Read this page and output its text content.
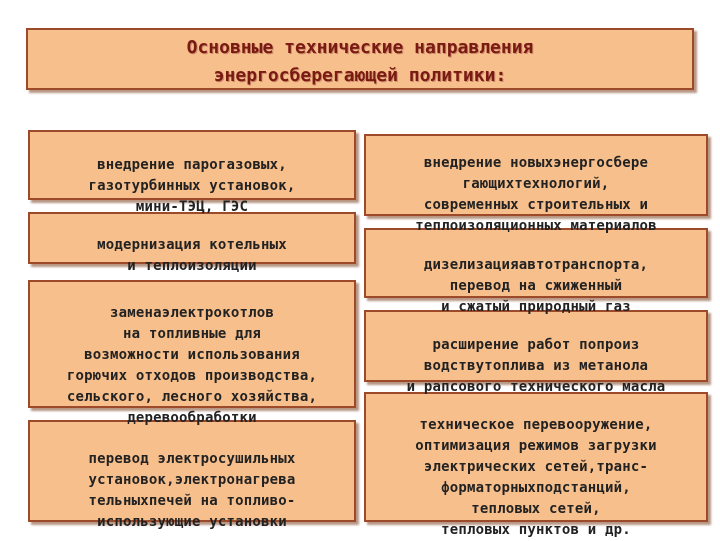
Основные технические направления
энергосберегающей политики:

внедрение парогазовых,
газотурбинных установок,
мини-ТЭЦ, ГЭС

модернизация котельных
и теплоизоляции

заменаэлектрокотлов
на топливные для
возможности использования
горючих отходов производства,
сельского, лесного хозяйства,
деревообработки

перевод электросушильных
установок,электронагрева
тельныхпечей на топливо-
использующие установки

внедрение новыхэнергосбере
гающихтехнологий,
современных строительных и
теплоизоляционных материалов

дизелизацияавтотранспорта,
перевод на сжиженный
и сжатый природный газ

расширение работ попроиз
водствутоплива из метанола
и рапсового технического масла

техническое перевооружение,
оптимизация режимов загрузки
электрических сетей,транс-
форматорныхподстанций,
тепловых сетей,
тепловых пунктов и др.
